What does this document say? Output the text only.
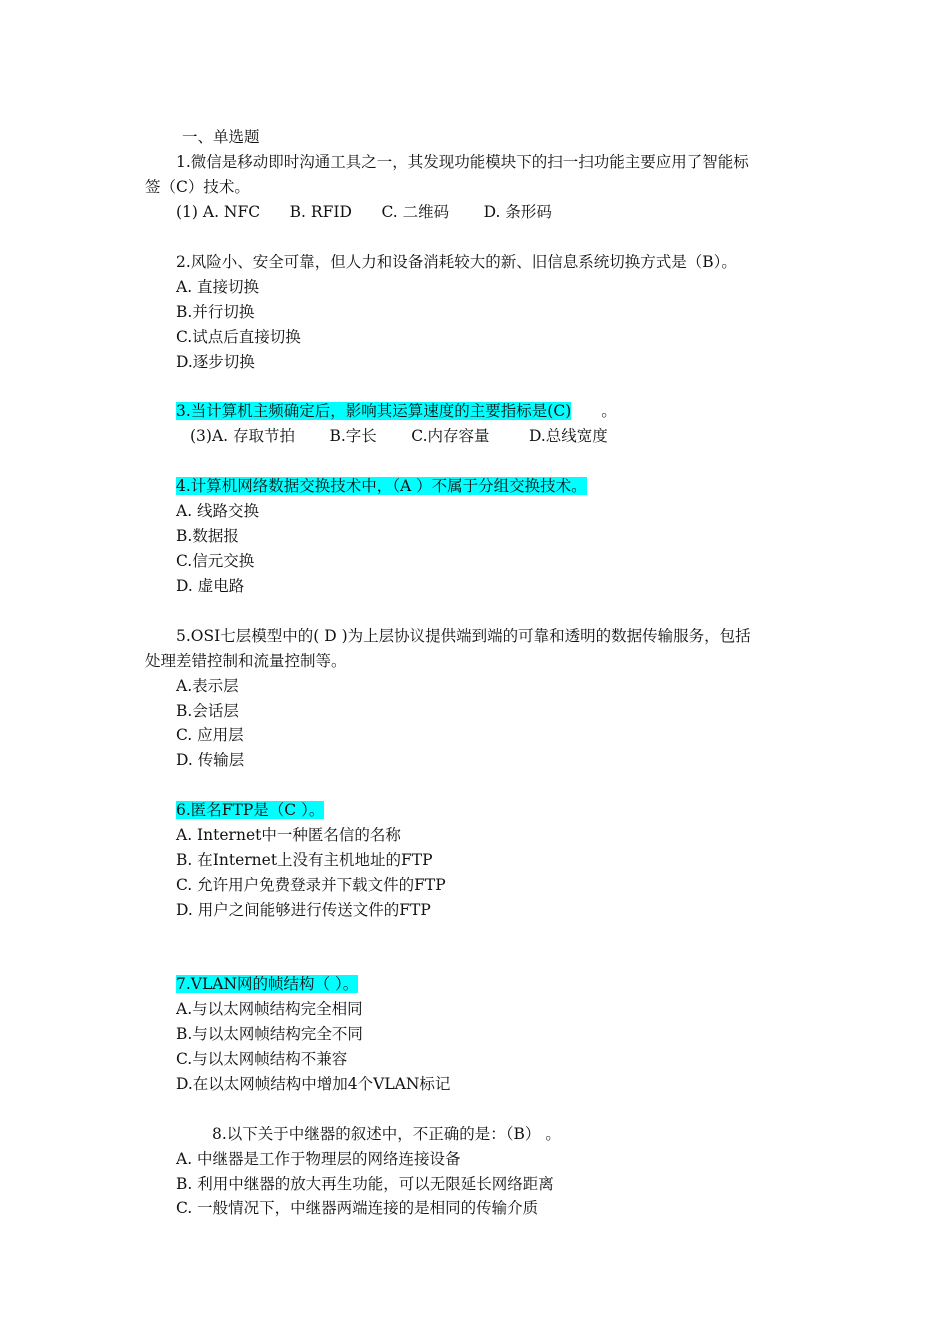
一、单选题
1.微信是移动即时沟通工具之一，其发现功能模块下的扫一扫功能主要应用了智能标
签（C）技术。
(1) A. NFC      B. RFID      C. 二维码       D. 条形码
2.风险小、安全可靠，但人力和设备消耗较大的新、旧信息系统切换方式是（B）。
A. 直接切换
B.并行切换
C.试点后直接切换
D.逐步切换
3.当计算机主频确定后，影响其运算速度的主要指标是(C) 。
(3)A. 存取节拍       B.字长       C.内存容量        D.总线宽度
4.计算机网络数据交换技术中，（A ）不属于分组交换技术。
A. 线路交换
B.数据报
C.信元交换
D. 虚电路
5.OSI七层模型中的( D )为上层协议提供端到端的可靠和透明的数据传输服务，包括
处理差错控制和流量控制等。
A.表示层
B.会话层
C. 应用层
D. 传输层
6.匿名FTP是（C ）。
A. Internet中一种匿名信的名称
B. 在Internet上没有主机地址的FTP
C. 允许用户免费登录并下载文件的FTP
D. 用户之间能够进行传送文件的FTP
7.VLAN网的帧结构（ ）。
A.与以太网帧结构完全相同
B.与以太网帧结构完全不同
C.与以太网帧结构不兼容
D.在以太网帧结构中增加4个VLAN标记
8.以下关于中继器的叙述中，不正确的是：（B） 。
A. 中继器是工作于物理层的网络连接设备
B. 利用中继器的放大再生功能，可以无限延长网络距离
C. 一般情况下，中继器两端连接的是相同的传输介质
